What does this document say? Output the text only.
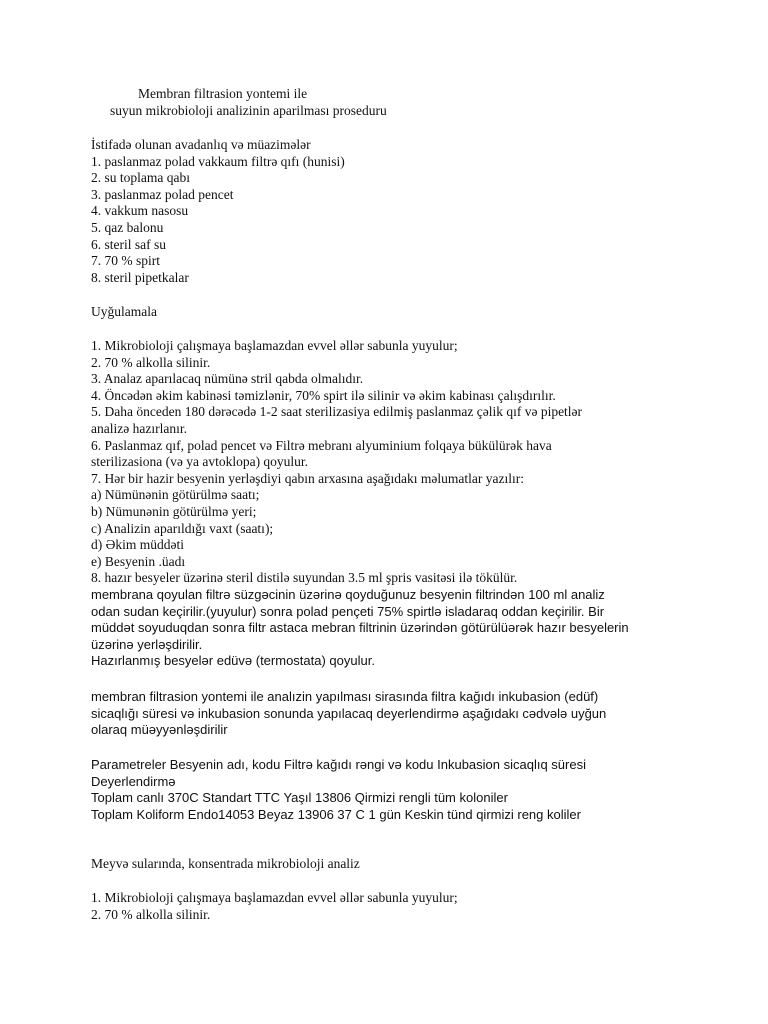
Membran filtrasion yontemi ile
suyun mikrobioloji analizinin aparilması proseduru
İstifadə olunan avadanlıq və müazimələr
1. paslanmaz polad vakkaum filtrə qıfı (hunisi)
2. su toplama qabı
3. paslanmaz polad pencet
4. vakkum nasosu
5. qaz balonu
6. steril saf su
7. 70 % spirt
8. steril pipetkalar
Uyğulamala
1. Mikrobioloji çalışmaya başlamazdan evvel əllər sabunla yuyulur;
2. 70 % alkolla silinir.
3. Analaz aparılacaq nümünə stril qabda olmalıdır.
4. Öncədən əkim kabinəsi təmizlənir, 70% spirt ilə silinir və əkim kabinası çalışdırılır.
5. Daha önceden 180 dərəcədə 1-2 saat sterilizasiya edilmiş paslanmaz çəlik qıf və pipetlər
analizə hazırlanır.
6. Paslanmaz qıf, polad pencet və Filtrə mebranı alyuminium folqaya bükülürək hava
sterilizasiona (və ya avtoklopa) qoyulur.
7. Hər bir hazir besyenin yerləşdiyi qabın arxasına aşağıdakı məlumatlar yazılır:
a) Nümünənin götürülmə saatı;
b) Nümunənin götürülmə yeri;
c) Analizin aparıldığı vaxt (saatı);
d) Əkim müddəti
e) Besyenin .üadı
8. hazır besyeler üzərinə steril distilə suyundan 3.5 ml şpris vasitəsi ilə tökülür.
membrana qoyulan filtrə süzgəcinin üzərinə qoyduğunuz besyenin filtrindən 100 ml analiz
odan sudan keçirilir.(yuyulur) sonra polad pençeti 75% spirtlə isladaraq oddan keçirilir. Bir
müddət soyuduqdan sonra filtr astaca mebran filtrinin üzərindən götürülüərək hazır besyelerin
üzərinə yerləşdirilir.
Hazırlanmış besyelər edüvə (termostata) qoyulur.
membran filtrasion yontemi ile analızin yapılması sirasında filtra kağıdı inkubasion (edüf)
sicaqlığı süresi və inkubasion sonunda yapılacaq deyerlendirmə aşağıdakı cədvələ uyğun
olaraq müəyyənləşdirilir
Parametreler Besyenin adı, kodu Filtrə kağıdı rəngi və kodu Inkubasion sicaqlıq süresi
Deyerlendirmə
Toplam canlı 370C Standart TTC Yaşıl 13806 Qirmizi rengli tüm koloniler
Toplam Koliform Endo14053 Beyaz 13906 37 C 1 gün Keskin tünd qirmizi reng koliler
Meyvə sularında, konsentrada mikrobioloji analiz
1. Mikrobioloji çalışmaya başlamazdan evvel əllər sabunla yuyulur;
2. 70 % alkolla silinir.
